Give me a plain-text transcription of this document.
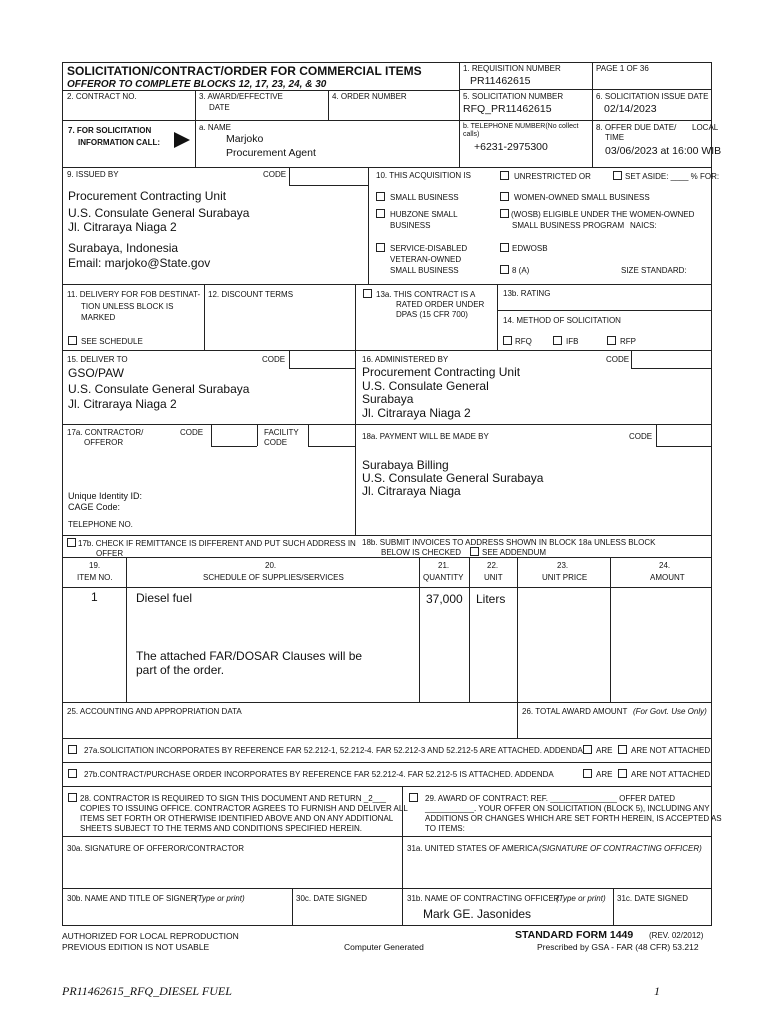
SOLICITATION/CONTRACT/ORDER FOR COMMERCIAL ITEMS
OFFEROR TO COMPLETE BLOCKS 12, 17, 23, 24, & 30
1. REQUISITION NUMBER
PR11462615
PAGE 1 OF 36
2. CONTRACT NO.	3. AWARD/EFFECTIVE
DATE
4. ORDER NUMBER	5. SOLICITATION NUMBER
RFQ_PR11462615
6. SOLICITATION ISSUE DATE
02/14/2023
7. FOR SOLICITATION
INFORMATION CALL:
a. NAME
Marjoko
Procurement Agent
b. TELEPHONE NUMBER(No collect
calls)
+6231-2975300
8. OFFER DUE DATE/ LOCAL
TIME
03/06/2023 at 16:00 WIB
9. ISSUED BY	CODE
Procurement Contracting Unit
U.S. Consulate General Surabaya
Jl. Citraraya Niaga 2
Surabaya, Indonesia
Email: marjoko@State.gov
10. THIS ACQUISITION IS	UNRESTRICTED OR	SET ASIDE: ____ % FOR:
SMALL BUSINESS	WOMEN-OWNED SMALL BUSINESS
HUBZONE SMALL
BUSINESS
(WOSB) ELIGIBLE UNDER THE WOMEN-OWNED
SMALL BUSINESS PROGRAM NAICS:
SERVICE-DISABLED
VETERAN-OWNED
SMALL BUSINESS
EDWOSB
8 (A)	SIZE STANDARD:
11. DELIVERY FOR FOB DESTINAT-
TION UNLESS BLOCK IS
MARKED
SEE SCHEDULE
12. DISCOUNT TERMS	13a. THIS CONTRACT IS A
RATED ORDER UNDER
DPAS (15 CFR 700)
13b. RATING
14. METHOD OF SOLICITATION
RFQ	IFB	RFP
15. DELIVER TO	CODE
GSO/PAW
U.S. Consulate General Surabaya
Jl. Citraraya Niaga 2
16. ADMINISTERED BY	CODE
Procurement Contracting Unit
U.S. Consulate General
Surabaya
Jl. Citraraya Niaga 2
17a. CONTRACTOR/
OFFEROR
CODE	FACILITY
CODE
Unique Identity ID:
CAGE Code:
TELEPHONE NO.
17b. CHECK IF REMITTANCE IS DIFFERENT AND PUT SUCH ADDRESS IN
OFFER
18a. PAYMENT WILL BE MADE BY	CODE
Surabaya Billing
U.S. Consulate General Surabaya
Jl. Citraraya Niaga
18b. SUBMIT INVOICES TO ADDRESS SHOWN IN BLOCK 18a UNLESS BLOCK
BELOW IS CHECKED	SEE ADDENDUM
19.
ITEM NO.
20.
SCHEDULE OF SUPPLIES/SERVICES
21.
QUANTITY
22.
UNIT
23.
UNIT PRICE
24.
AMOUNT
1	Diesel fuel	37,000 Liters
The attached FAR/DOSAR Clauses will be
part of the order.
25. ACCOUNTING AND APPROPRIATION DATA	26. TOTAL AWARD AMOUNT (For Govt. Use Only)
27a.SOLICITATION INCORPORATES BY REFERENCE FAR 52.212-1, 52.212-4. FAR 52.212-3 AND 52.212-5 ARE ATTACHED. ADDENDA ARE ARE NOT ATTACHED
27b.CONTRACT/PURCHASE ORDER INCORPORATES BY REFERENCE FAR 52.212-4. FAR 52.212-5 IS ATTACHED. ADDENDA	ARE ARE NOT ATTACHED
28. CONTRACTOR IS REQUIRED TO SIGN THIS DOCUMENT AND RETURN _2___
COPIES TO ISSUING OFFICE. CONTRACTOR AGREES TO FURNISH AND DELIVER ALL
ITEMS SET FORTH OR OTHERWISE IDENTIFIED ABOVE AND ON ANY ADDITIONAL
SHEETS SUBJECT TO THE TERMS AND CONDITIONS SPECIFIED HEREIN.
29. AWARD OF CONTRACT: REF. _______________ OFFER DATED
___________. YOUR OFFER ON SOLICITATION (BLOCK 5), INCLUDING ANY
ADDITIONS OR CHANGES WHICH ARE SET FORTH HEREIN, IS ACCEPTED AS
TO ITEMS:
30a. SIGNATURE OF OFFEROR/CONTRACTOR	31a. UNITED STATES OF AMERICA (SIGNATURE OF CONTRACTING OFFICER)
30b. NAME AND TITLE OF SIGNER
(Type or print)	30c. DATE SIGNED	31b. NAME OF CONTRACTING OFFICER
(Type or print) 31c. DATE SIGNED
Mark GE. Jasonides
AUTHORIZED FOR LOCAL REPRODUCTION
PREVIOUS EDITION IS NOT USABLE	Computer Generated
STANDARD FORM 1449 (REV. 02/2012)
Prescribed by GSA - FAR (48 CFR) 53.212
PR11462615_RFQ_DIESEL FUEL	1
